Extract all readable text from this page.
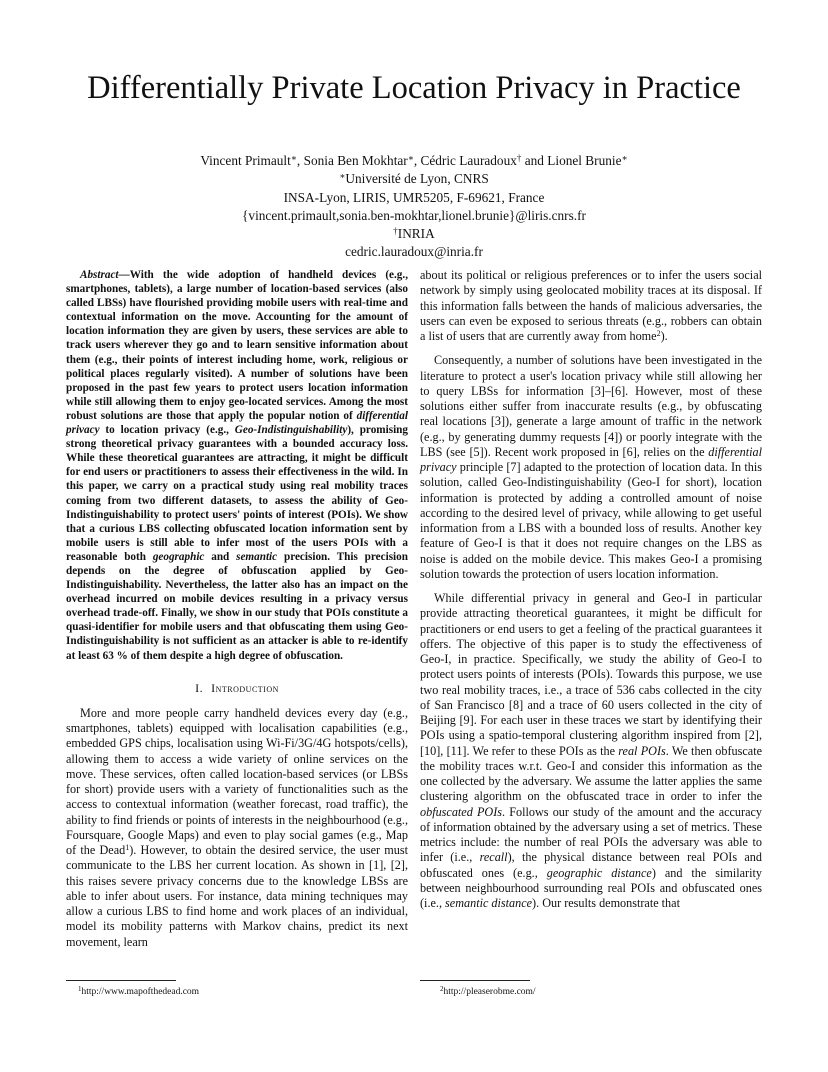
Differentially Private Location Privacy in Practice
Vincent Primault∗, Sonia Ben Mokhtar∗, Cédric Lauradoux† and Lionel Brunie∗
∗Université de Lyon, CNRS
INSA-Lyon, LIRIS, UMR5205, F-69621, France
{vincent.primault,sonia.ben-mokhtar,lionel.brunie}@liris.cnrs.fr
†INRIA
cedric.lauradoux@inria.fr

Abstract—With the wide adoption of handheld devices (e.g., smartphones, tablets), a large number of location-based services (also called LBSs) have flourished providing mobile users with real-time and contextual information on the move. Accounting for the amount of location information they are given by users, these services are able to track users wherever they go and to learn sensitive information about them (e.g., their points of interest including home, work, religious or political places regularly visited). A number of solutions have been proposed in the past few years to protect users location information while still allowing them to enjoy geo-located services. Among the most robust solutions are those that apply the popular notion of differential privacy to location privacy (e.g., Geo-Indistinguishability), promising strong theoretical privacy guarantees with a bounded accuracy loss. While these theoretical guarantees are attracting, it might be difficult for end users or practitioners to assess their effectiveness in the wild. In this paper, we carry on a practical study using real mobility traces coming from two different datasets, to assess the ability of Geo-Indistinguishability to protect users' points of interest (POIs). We show that a curious LBS collecting obfuscated location information sent by mobile users is still able to infer most of the users POIs with a reasonable both geographic and semantic precision. This precision depends on the degree of obfuscation applied by Geo-Indistinguishability. Nevertheless, the latter also has an impact on the overhead incurred on mobile devices resulting in a privacy versus overhead trade-off. Finally, we show in our study that POIs constitute a quasi-identifier for mobile users and that obfuscating them using Geo-Indistinguishability is not sufficient as an attacker is able to re-identify at least 63 % of them despite a high degree of obfuscation.

I. Introduction

More and more people carry handheld devices every day (e.g., smartphones, tablets) equipped with localisation capabilities (e.g., embedded GPS chips, localisation using Wi-Fi/3G/4G hotspots/cells), allowing them to access a wide variety of online services on the move. These services, often called location-based services (or LBSs for short) provide users with a variety of functionalities such as the access to contextual information (weather forecast, road traffic), the ability to find friends or points of interests in the neighbourhood (e.g., Foursquare, Google Maps) and even to play social games (e.g., Map of the Dead$^1$). However, to obtain the desired service, the user must communicate to the LBS her current location. As shown in [1], [2], this raises severe privacy concerns due to the knowledge LBSs are able to infer about users. For instance, data mining techniques may allow a curious LBS to find home and work places of an individual, model its mobility patterns with Markov chains, predict its next movement, learn

about its political or religious preferences or to infer the users social network by simply using geolocated mobility traces at its disposal. If this information falls between the hands of malicious adversaries, the users can even be exposed to serious threats (e.g., robbers can obtain a list of users that are currently away from home$^2$).

Consequently, a number of solutions have been investigated in the literature to protect a user's location privacy while still allowing her to query LBSs for information [3]–[6]. However, most of these solutions either suffer from inaccurate results (e.g., by obfuscating real locations [3]), generate a large amount of traffic in the network (e.g., by generating dummy requests [4]) or poorly integrate with the LBS (see [5]). Recent work proposed in [6], relies on the differential privacy principle [7] adapted to the protection of location data. In this solution, called Geo-Indistinguishability (Geo-I for short), location information is protected by adding a controlled amount of noise according to the desired level of privacy, while allowing to get useful information from a LBS with a bounded loss of results. Another key feature of Geo-I is that it does not require changes on the LBS as noise is added on the mobile device. This makes Geo-I a promising solution towards the protection of users location information.

While differential privacy in general and Geo-I in particular provide attracting theoretical guarantees, it might be difficult for practitioners or end users to get a feeling of the practical guarantees it offers. The objective of this paper is to study the effectiveness of Geo-I, in practice. Specifically, we study the ability of Geo-I to protect users points of interests (POIs). Towards this purpose, we use two real mobility traces, i.e., a trace of 536 cabs collected in the city of San Francisco [8] and a trace of 60 users collected in the city of Beijing [9]. For each user in these traces we start by identifying their POIs using a spatio-temporal clustering algorithm inspired from [2], [10], [11]. We refer to these POIs as the real POIs. We then obfuscate the mobility traces w.r.t. Geo-I and consider this information as the one collected by the adversary. We assume the latter applies the same clustering algorithm on the obfuscated trace in order to infer the obfuscated POIs. Follows our study of the amount and the accuracy of information obtained by the adversary using a set of metrics. These metrics include: the number of real POIs the adversary was able to infer (i.e., recall), the physical distance between real POIs and obfuscated ones (e.g., geographic distance) and the similarity between neighbourhood surrounding real POIs and obfuscated ones (i.e., semantic distance). Our results demonstrate that

$^1$http://www.mapofthedead.com	$^2$http://pleaserobme.com/
